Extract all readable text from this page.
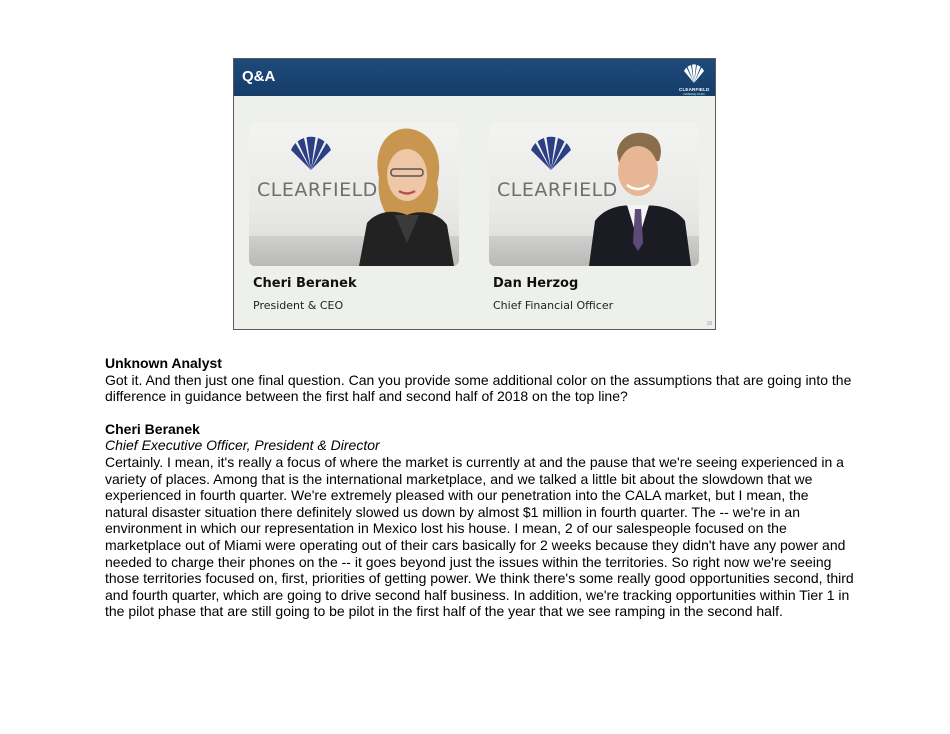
Q&A
CLEARFIELD
NASDAQ:CLFD
CLEARFIELD	CLEARFIELD
Cheri Beranek
President & CEO
Dan Herzog
Chief Financial Officer
18
Unknown Analyst

Got it. And then just one final question. Can you provide some additional color on the assumptions that are going into the difference in guidance between the first half and second half of 2018 on the top line?

Cheri Beranek
Chief Executive Officer, President & Director

Certainly. I mean, it's really a focus of where the market is currently at and the pause that we're seeing experienced in a variety of places. Among that is the international marketplace, and we talked a little bit about the slowdown that we experienced in fourth quarter. We're extremely pleased with our penetration into the CALA market, but I mean, the natural disaster situation there definitely slowed us down by almost $1 million in fourth quarter. The -- we're in an environment in which our representation in Mexico lost his house. I mean, 2 of our salespeople focused on the marketplace out of Miami were operating out of their cars basically for 2 weeks because they didn't have any power and needed to charge their phones on the -- it goes beyond just the issues within the territories. So right now we're seeing those territories focused on, first, priorities of getting power. We think there's some really good opportunities second, third and fourth quarter, which are going to drive second half business. In addition, we're tracking opportunities within Tier 1 in the pilot phase that are still going to be pilot in the first half of the year that we see ramping in the second half.
